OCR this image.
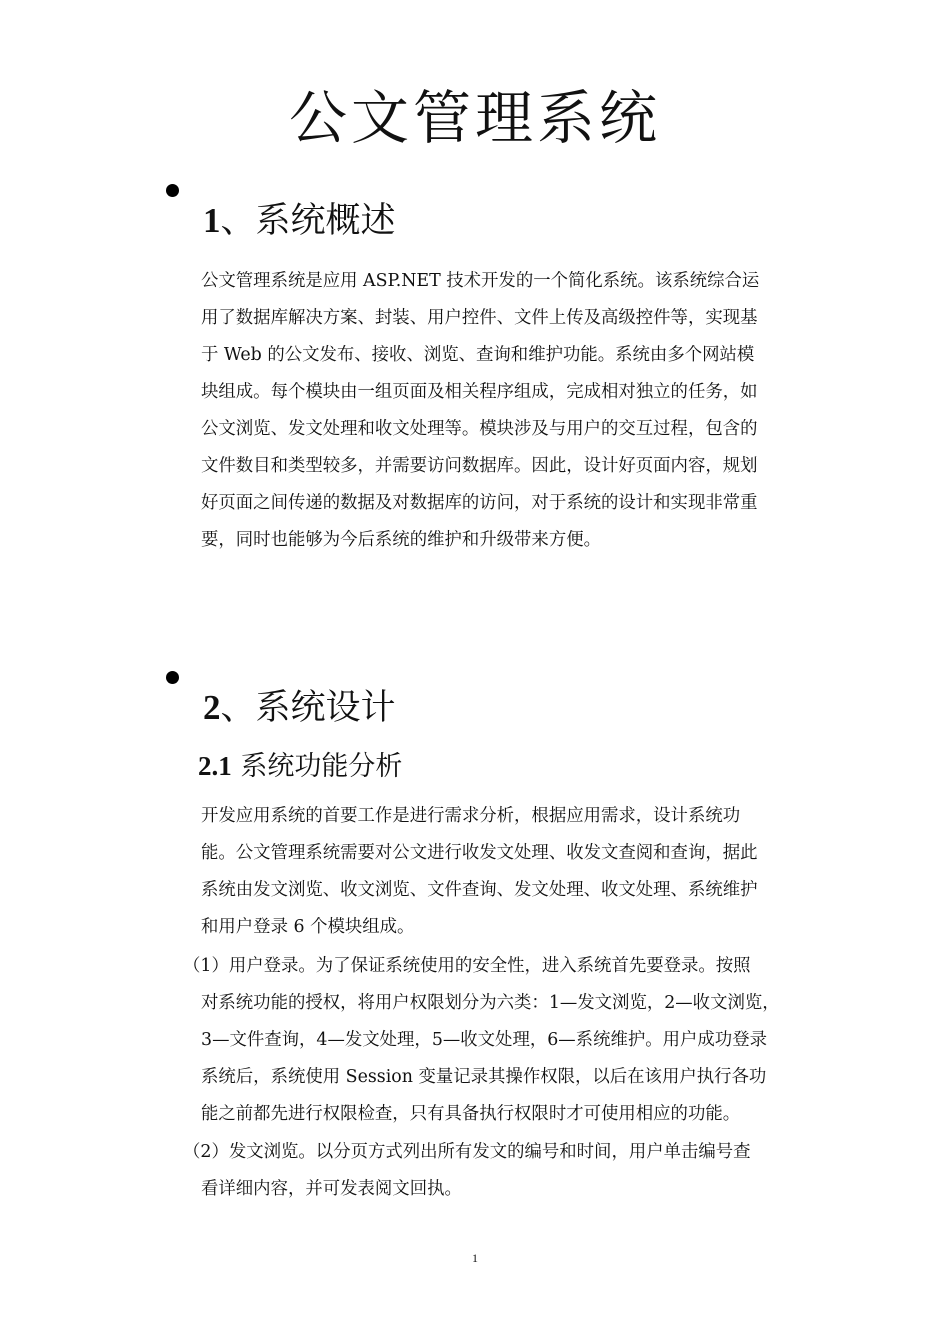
公文管理系统
1、系统概述
公文管理系统是应用 ASP.NET 技术开发的一个简化系统。该系统综合运
用了数据库解决方案、封装、用户控件、文件上传及高级控件等，实现基
于 Web 的公文发布、接收、浏览、查询和维护功能。系统由多个网站模
块组成。每个模块由一组页面及相关程序组成，完成相对独立的任务，如
公文浏览、发文处理和收文处理等。模块涉及与用户的交互过程，包含的
文件数目和类型较多，并需要访问数据库。因此，设计好页面内容，规划
好页面之间传递的数据及对数据库的访问，对于系统的设计和实现非常重
要，同时也能够为今后系统的维护和升级带来方便。
2、系统设计
2.1 系统功能分析
开发应用系统的首要工作是进行需求分析，根据应用需求，设计系统功
能。公文管理系统需要对公文进行收发文处理、收发文查阅和查询，据此
系统由发文浏览、收文浏览、文件查询、发文处理、收文处理、系统维护
和用户登录 6 个模块组成。
（1）用户登录。为了保证系统使用的安全性，进入系统首先要登录。按照
对系统功能的授权，将用户权限划分为六类：1—发文浏览，2—收文浏览，
3—文件查询，4—发文处理，5—收文处理，6—系统维护。用户成功登录
系统后，系统使用 Session 变量记录其操作权限，以后在该用户执行各功
能之前都先进行权限检查，只有具备执行权限时才可使用相应的功能。
（2）发文浏览。以分页方式列出所有发文的编号和时间，用户单击编号查
看详细内容，并可发表阅文回执。
1
